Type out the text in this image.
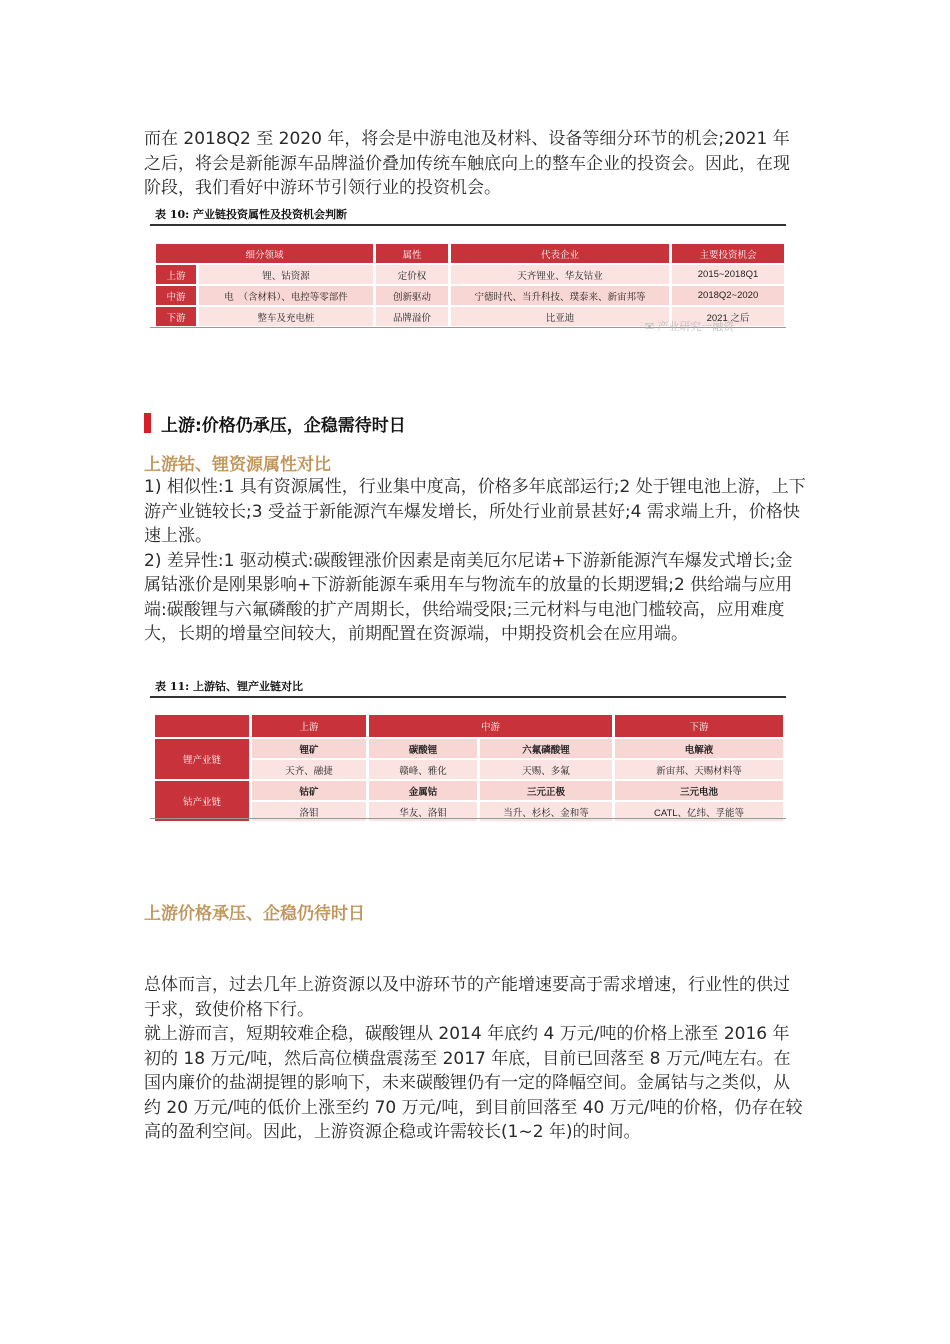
而在 2018Q2 至 2020 年，将会是中游电池及材料、设备等细分环节的机会;2021 年之后，将会是新能源车品牌溢价叠加传统车触底向上的整车企业的投资会。因此，在现阶段，我们看好中游环节引领行业的投资机会。

表 10: 产业链投资属性及投资机会判断
细分领域		属性	代表企业	主要投资机会
上游	锂、钴资源	定价权	天齐锂业、华友钴业	2015~2018Q1
中游	电　（含材料）、电控等零部件	创新驱动	宁德时代、当升科技、璞泰来、新宙邦等	2018Q2~2020
下游	整车及充电桩	品牌溢价	比亚迪	2021 之后
✉ 产业研究一融资
上游:价格仍承压，企稳需待时日
上游钴、锂资源属性对比

1) 相似性:1 具有资源属性，行业集中度高，价格多年底部运行;2 处于锂电池上游，上下游产业链较长;3 受益于新能源汽车爆发增长，所处行业前景甚好;4 需求端上升，价格快速上涨。

2) 差异性:1 驱动模式:碳酸锂涨价因素是南美厄尔尼诺+下游新能源汽车爆发式增长;金属钴涨价是刚果影响+下游新能源车乘用车与物流车的放量的长期逻辑;2 供给端与应用端:碳酸锂与六氟磷酸的扩产周期长，供给端受限;三元材料与电池门槛较高，应用难度大，长期的增量空间较大，前期配置在资源端，中期投资机会在应用端。

表 11: 上游钴、锂产业链对比
	上游	中游		下游
锂产业链	锂矿	碳酸锂	六氟磷酸锂	电解液
	天齐、融捷	赣峰、雅化	天赐、多氟	新宙邦、天赐材料等
钴产业链	钴矿	金属钴	三元正极	三元电池
	洛钼	华友、洛钼	当升、杉杉、金和等	CATL、亿纬、孚能等
上游价格承压、企稳仍待时日

总体而言，过去几年上游资源以及中游环节的产能增速要高于需求增速，行业性的供过于求，致使价格下行。

就上游而言，短期较难企稳，碳酸锂从 2014 年底约 4 万元/吨的价格上涨至 2016 年初的 18 万元/吨，然后高位横盘震荡至 2017 年底，目前已回落至 8 万元/吨左右。在国内廉价的盐湖提锂的影响下，未来碳酸锂仍有一定的降幅空间。金属钴与之类似，从约 20 万元/吨的低价上涨至约 70 万元/吨，到目前回落至 40 万元/吨的价格，仍存在较高的盈利空间。因此，上游资源企稳或许需较长(1~2 年)的时间。
